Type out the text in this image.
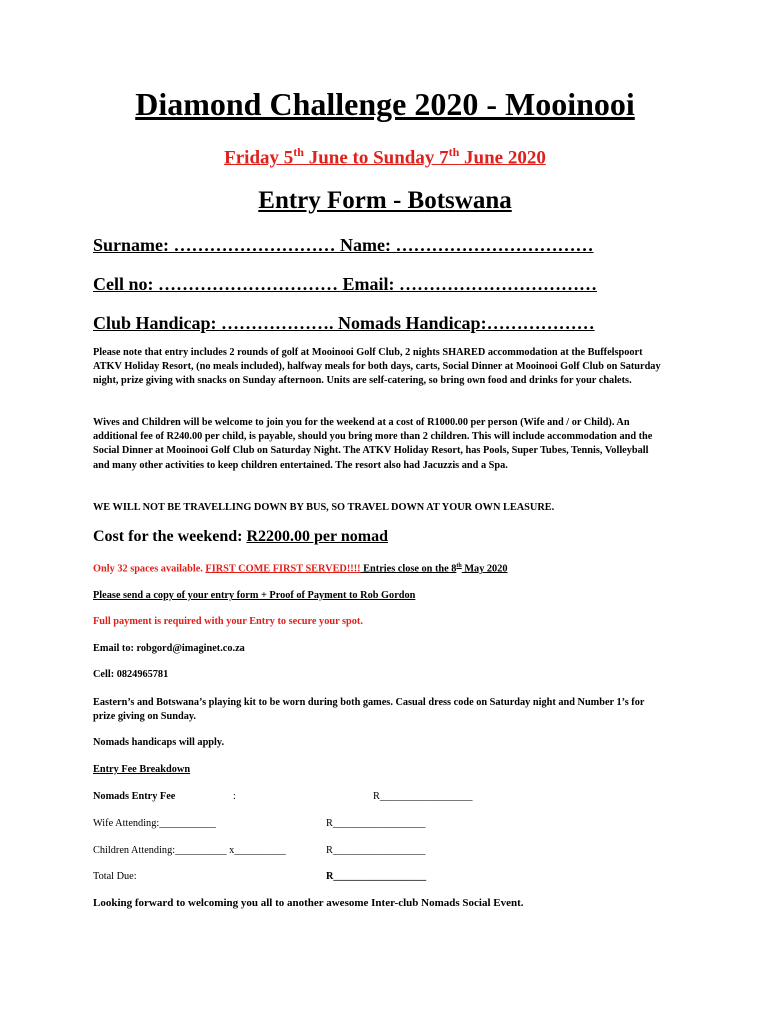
Diamond Challenge 2020 - Mooinooi
Friday 5th June to Sunday 7th June 2020
Entry Form - Botswana
Surname: ……………………… Name: ……………………………
Cell no: ………………………… Email: ……………………………
Club Handicap: ………………. Nomads Handicap:………………
Please note that entry includes 2 rounds of golf at Mooinooi Golf Club, 2 nights SHARED accommodation at the Buffelspoort ATKV Holiday Resort, (no meals included), halfway meals for both days, carts, Social Dinner at Mooinooi Golf Club on Saturday night, prize giving with snacks on Sunday afternoon. Units are self-catering, so bring own food and drinks for your chalets.
Wives and Children will be welcome to join you for the weekend at a cost of R1000.00 per person (Wife and / or Child). An additional fee of R240.00 per child, is payable, should you bring more than 2 children. This will include accommodation and the Social Dinner at Mooinooi Golf Club on Saturday Night. The ATKV Holiday Resort, has Pools, Super Tubes, Tennis, Volleyball and many other activities to keep children entertained. The resort also had Jacuzzis and a Spa.
WE WILL NOT BE TRAVELLING DOWN BY BUS, SO TRAVEL DOWN AT YOUR OWN LEASURE.
Cost for the weekend: R2200.00 per nomad
Only 32 spaces available. FIRST COME FIRST SERVED!!!! Entries close on the 8th May 2020
Please send a copy of your entry form + Proof of Payment to Rob Gordon
Full payment is required with your Entry to secure your spot.
Email to: robgord@imaginet.co.za
Cell: 0824965781
Eastern’s and Botswana’s playing kit to be worn during both games. Casual dress code on Saturday night and Number 1’s for prize giving on Sunday.
Nomads handicaps will apply.
Entry Fee Breakdown
Nomads Entry Fee	:	R__________________
Wife Attending:___________	R__________________
Children Attending:__________ x__________	R__________________
Total Due:	R__________________
Looking forward to welcoming you all to another awesome Inter-club Nomads Social Event.
